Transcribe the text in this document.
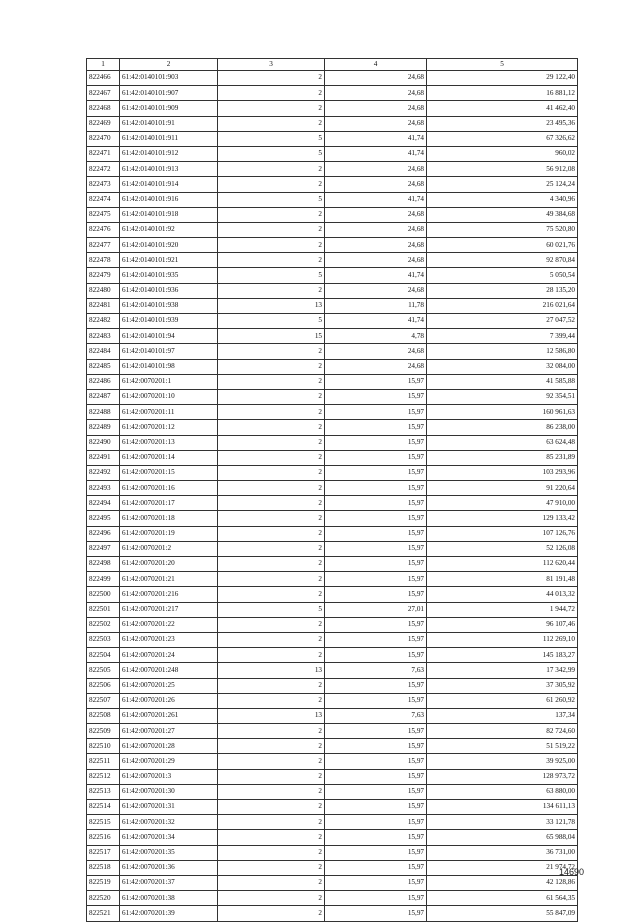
1	2	3	4	5
822466	61:42:0140101:903	2	24,68	29 122,40
822467	61:42:0140101:907	2	24,68	16 881,12
822468	61:42:0140101:909	2	24,68	41 462,40
822469	61:42:0140101:91	2	24,68	23 495,36
822470	61:42:0140101:911	5	41,74	67 326,62
822471	61:42:0140101:912	5	41,74	960,02
822472	61:42:0140101:913	2	24,68	56 912,08
822473	61:42:0140101:914	2	24,68	25 124,24
822474	61:42:0140101:916	5	41,74	4 340,96
822475	61:42:0140101:918	2	24,68	49 384,68
822476	61:42:0140101:92	2	24,68	75 520,80
822477	61:42:0140101:920	2	24,68	60 021,76
822478	61:42:0140101:921	2	24,68	92 870,84
822479	61:42:0140101:935	5	41,74	5 050,54
822480	61:42:0140101:936	2	24,68	28 135,20
822481	61:42:0140101:938	13	11,78	216 021,64
822482	61:42:0140101:939	5	41,74	27 047,52
822483	61:42:0140101:94	15	4,78	7 399,44
822484	61:42:0140101:97	2	24,68	12 586,80
822485	61:42:0140101:98	2	24,68	32 084,00
822486	61:42:0070201:1	2	15,97	41 585,88
822487	61:42:0070201:10	2	15,97	92 354,51
822488	61:42:0070201:11	2	15,97	160 961,63
822489	61:42:0070201:12	2	15,97	86 238,00
822490	61:42:0070201:13	2	15,97	63 624,48
822491	61:42:0070201:14	2	15,97	85 231,89
822492	61:42:0070201:15	2	15,97	103 293,96
822493	61:42:0070201:16	2	15,97	91 220,64
822494	61:42:0070201:17	2	15,97	47 910,00
822495	61:42:0070201:18	2	15,97	129 133,42
822496	61:42:0070201:19	2	15,97	107 126,76
822497	61:42:0070201:2	2	15,97	52 126,08
822498	61:42:0070201:20	2	15,97	112 620,44
822499	61:42:0070201:21	2	15,97	81 191,48
822500	61:42:0070201:216	2	15,97	44 013,32
822501	61:42:0070201:217	5	27,01	1 944,72
822502	61:42:0070201:22	2	15,97	96 107,46
822503	61:42:0070201:23	2	15,97	112 269,10
822504	61:42:0070201:24	2	15,97	145 183,27
822505	61:42:0070201:248	13	7,63	17 342,99
822506	61:42:0070201:25	2	15,97	37 305,92
822507	61:42:0070201:26	2	15,97	61 260,92
822508	61:42:0070201:261	13	7,63	137,34
822509	61:42:0070201:27	2	15,97	82 724,60
822510	61:42:0070201:28	2	15,97	51 519,22
822511	61:42:0070201:29	2	15,97	39 925,00
822512	61:42:0070201:3	2	15,97	128 973,72
822513	61:42:0070201:30	2	15,97	63 880,00
822514	61:42:0070201:31	2	15,97	134 611,13
822515	61:42:0070201:32	2	15,97	33 121,78
822516	61:42:0070201:34	2	15,97	65 988,04
822517	61:42:0070201:35	2	15,97	36 731,00
822518	61:42:0070201:36	2	15,97	21 974,72
822519	61:42:0070201:37	2	15,97	42 128,86
822520	61:42:0070201:38	2	15,97	61 564,35
822521	61:42:0070201:39	2	15,97	55 847,09
14690
